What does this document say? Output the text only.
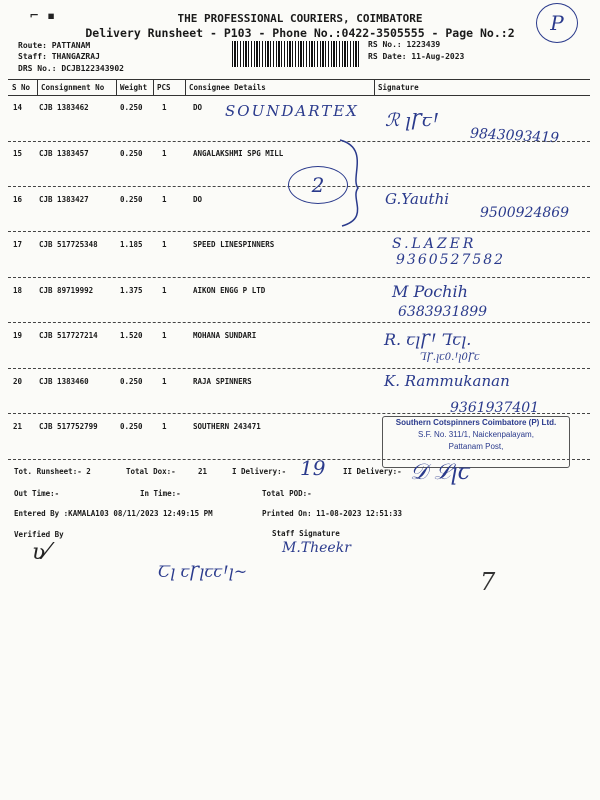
⌐ ▪	P
THE PROFESSIONAL COURIERS, COIMBATORE
Delivery Runsheet - P103 - Phone No.:0422-3505555 - Page No.:2
Route: PATTANAM
Staff: THANGAZRAJ
DRS No.: DCJB122343902
RS No.: 1223439
RS Date: 11-Aug-2023
S No Consignment No Weight PCS Consignee Details	Signature
14 CJB 1383462	0.250	1	DO SOUNDARTEX
9843093419
ℛ ꞁꞄꞇꞋ
15 CJB 1383457	0.250	1	ANGALAKSHMI SPG MILL
2
16 CJB 1383427	0.250	1	DO	G.Yauthi
9500924869
17 CJB 517725348	1.185	1	SPEED LINESPINNERS	S.LAZER
9360527582
18 CJB 89719992	1.375	1	AIKON ENGG P LTD	M Pochih
6383931899
19 CJB 517727214	1.520	1	MOHANA SUNDARI	R. ꞇꞁꞄꞋ Ꞁꞇꞁ.
ꞀꞄ.ꞁꞇ0.Ꞌꞁ0Ꞅꞇ
20 CJB 1383460	0.250	1	RAJA SPINNERS	K. Rammukanan
9361937401
21 CJB 517752799	0.250	1	SOUTHERN 243471	Southern Cotspinners Coimbatore (P) Ltd.
S.F. No. 311/1, Naickenpalayam,
Pattanam Post,
Tot. Runsheet:- 2	Total Dox:-	21	I Delivery:- 19 II Delivery:- 𝒟 ℒꞁꞇ
Out Time:-	In Time:-	Total POD:-
Entered By :KAMALA103 08/11/2023 12:49:15 PM	Printed On: 11-08-2023 12:51:33
Verified By	Staff Signature
M.Theekr
ʋ⁄
Ꞇꞁ ꞇꞄꞁꞇꞇꞋꞁ~	7
